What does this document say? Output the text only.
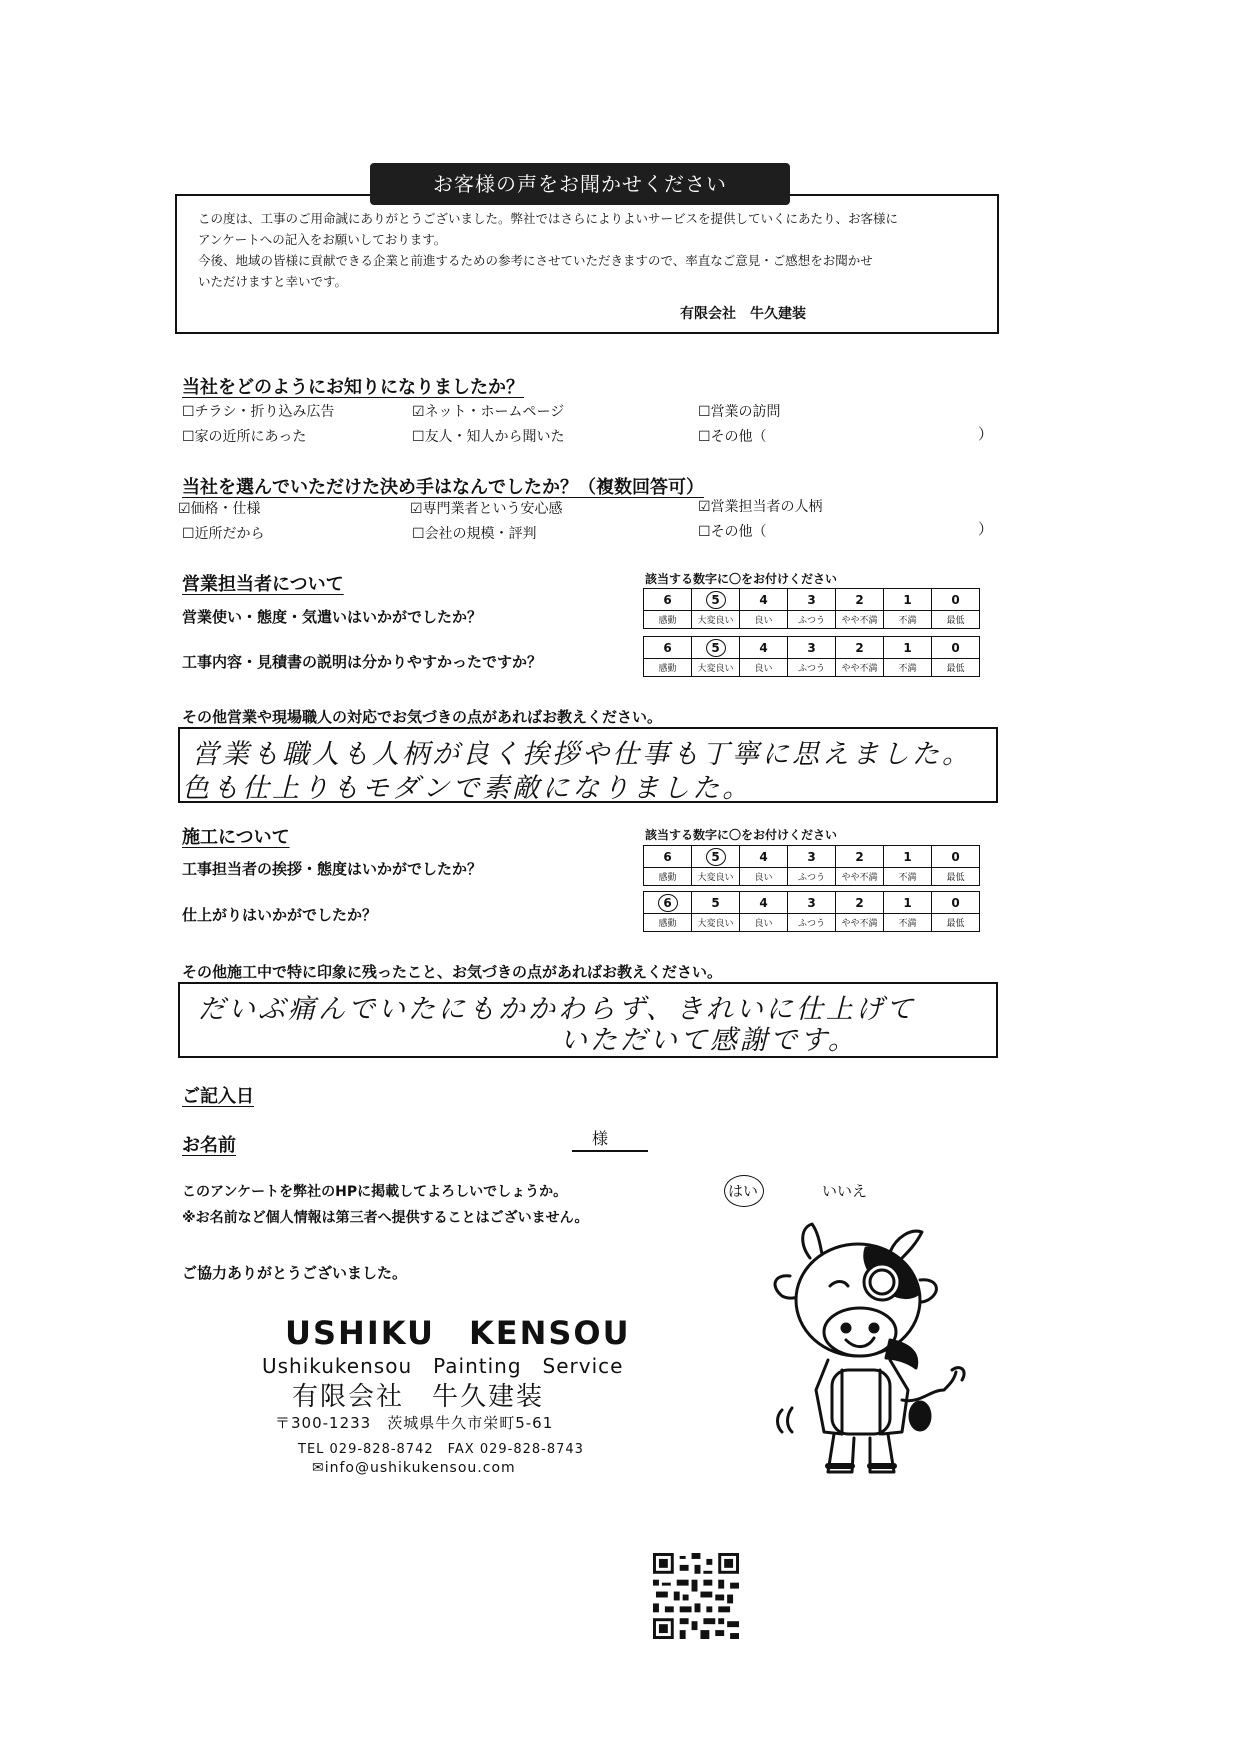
お客様の声をお聞かせください

この度は、工事のご用命誠にありがとうございました。弊社ではさらによりよいサービスを提供していくにあたり、お客様に

アンケートへの記入をお願いしております。

今後、地域の皆様に貢献できる企業と前進するための参考にさせていただきますので、率直なご意見・ご感想をお聞かせ

いただけますと幸いです。

有限会社　牛久建装
当社をどのようにお知りになりましたか？
☐チラシ・折り込み広告	☑ネット・ホームページ	☐営業の訪問
☐家の近所にあった	☐友人・知人から聞いた	☐その他（	）
当社を選んでいただけた決め手はなんでしたか？（複数回答可）
☑価格・仕様	☑専門業者という安心感	☑営業担当者の人柄
☐近所だから	☐会社の規模・評判	☐その他（	）
営業担当者について	該当する数字に〇をお付けください
営業使い・態度・気遣いはいかがでしたか？
工事内容・見積書の説明は分かりやすかったですか？
6	5	4	3	2	1	0
感動	大変良い	良い	ふつう	やや不満	不満	最低
6	5	4	3	2	1	0
感動	大変良い	良い	ふつう	やや不満	不満	最低
その他営業や現場職人の対応でお気づきの点があればお教えください。
営業も職人も人柄が良く挨拶や仕事も丁寧に思えました。
色も仕上りもモダンで素敵になりました。
施工について	該当する数字に〇をお付けください
工事担当者の挨拶・態度はいかがでしたか？
仕上がりはいかがでしたか？
6	5	4	3	2	1	0
感動	大変良い	良い	ふつう	やや不満	不満	最低
6	5	4	3	2	1	0
感動	大変良い	良い	ふつう	やや不満	不満	最低
その他施工中で特に印象に残ったこと、お気づきの点があればお教えください。
だいぶ痛んでいたにもかかわらず、きれいに仕上げて
いただいて感謝です。
ご記入日
お名前	様
このアンケートを弊社のHPに掲載してよろしいでしょうか。
※お名前など個人情報は第三者へ提供することはございません。
はい	いいえ
ご協力ありがとうございました。
USHIKU　KENSOU
Ushikukensou　Painting　Service
有限会社　牛久建装
〒300-1233　茨城県牛久市栄町5-61
TEL 029-828-8742　FAX 029-828-8743
✉info@ushikukensou.com
